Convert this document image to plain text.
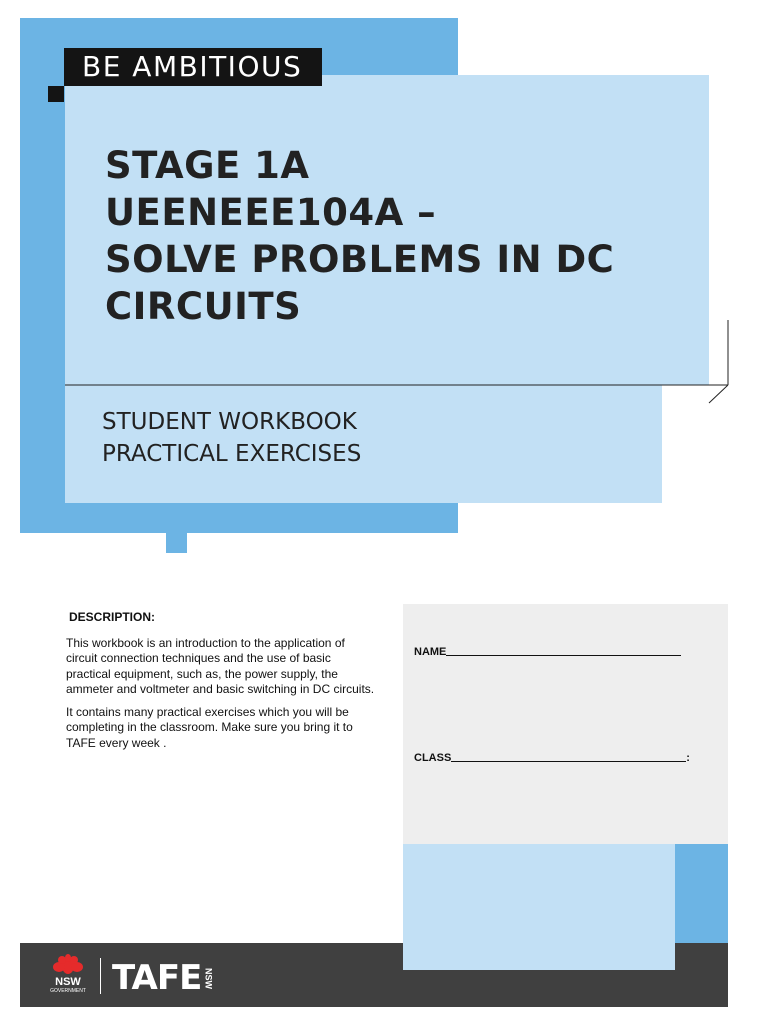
BE AMBITIOUS
STAGE 1A
UEENEEE104A –
SOLVE PROBLEMS IN DC
CIRCUITS
STUDENT WORKBOOK
PRACTICAL EXERCISES
DESCRIPTION:

This workbook is an introduction to the application of circuit connection techniques and the use of basic practical equipment, such as, the power supply, the ammeter and voltmeter and basic switching in DC circuits.

It contains many practical exercises which you will be completing in the classroom. Make sure you bring it to TAFE every week .

NAME
CLASS	:
NSW
GOVERNMENT TAFE NSW
